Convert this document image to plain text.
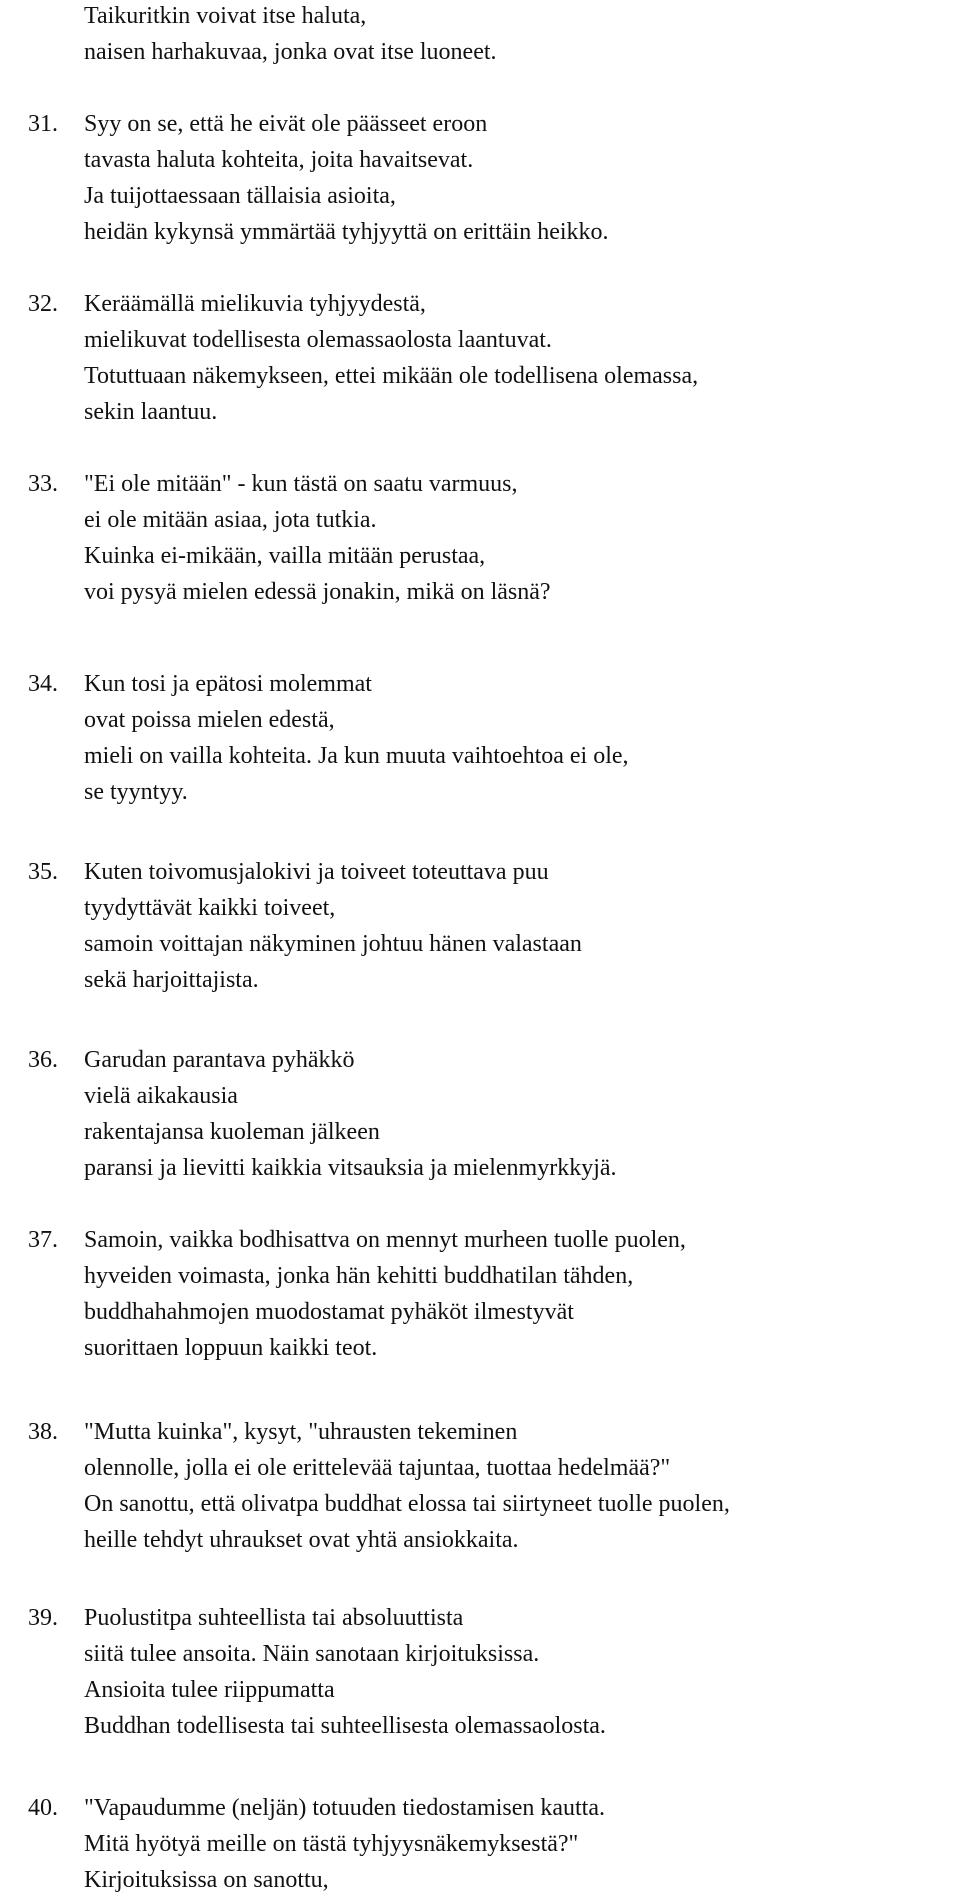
Taikuritkin voivat itse haluta,
naisen harhakuvaa, jonka ovat itse luoneet.
31. Syy on se, että he eivät ole päässeet eroon
tavasta haluta kohteita, joita havaitsevat.
Ja tuijottaessaan tällaisia asioita,
heidän kykynsä ymmärtää tyhjyyttä on erittäin heikko.
32. Keräämällä mielikuvia tyhjyydestä,
mielikuvat todellisesta olemassaolosta laantuvat.
Totuttuaan näkemykseen, ettei mikään ole todellisena olemassa,
sekin laantuu.
33. "Ei ole mitään" - kun tästä on saatu varmuus,
ei ole mitään asiaa, jota tutkia.
Kuinka ei-mikään, vailla mitään perustaa,
voi pysyä mielen edessä jonakin, mikä on läsnä?
34. Kun tosi ja epätosi molemmat
ovat poissa mielen edestä,
mieli on vailla kohteita. Ja kun muuta vaihtoehtoa ei ole,
se tyyntyy.
35. Kuten toivomusjalokivi ja toiveet toteuttava puu
tyydyttävät kaikki toiveet,
samoin voittajan näkyminen johtuu hänen valastaan
sekä harjoittajista.
36. Garudan parantava pyhäkkö
vielä aikakausia
rakentajansa kuoleman jälkeen
paransi ja lievitti kaikkia vitsauksia ja mielenmyrkkyjä.
37. Samoin, vaikka bodhisattva on mennyt murheen tuolle puolen,
hyveiden voimasta, jonka hän kehitti buddhatilan tähden,
buddhahahmojen muodostamat pyhäköt ilmestyvät
suorittaen loppuun kaikki teot.
38. "Mutta kuinka", kysyt, "uhrausten tekeminen
olennolle, jolla ei ole erittelevää tajuntaa, tuottaa hedelmää?"
On sanottu, että olivatpa buddhat elossa tai siirtyneet tuolle puolen,
heille tehdyt uhraukset ovat yhtä ansiokkaita.
39. Puolustitpa suhteellista tai absoluuttista
siitä tulee ansoita. Näin sanotaan kirjoituksissa.
Ansioita tulee riippumatta
Buddhan todellisesta tai suhteellisesta olemassaolosta.
40. "Vapaudumme (neljän) totuuden tiedostamisen kautta.
Mitä hyötyä meille on tästä tyhjyysnäkemyksestä?"
Kirjoituksissa on sanottu,
